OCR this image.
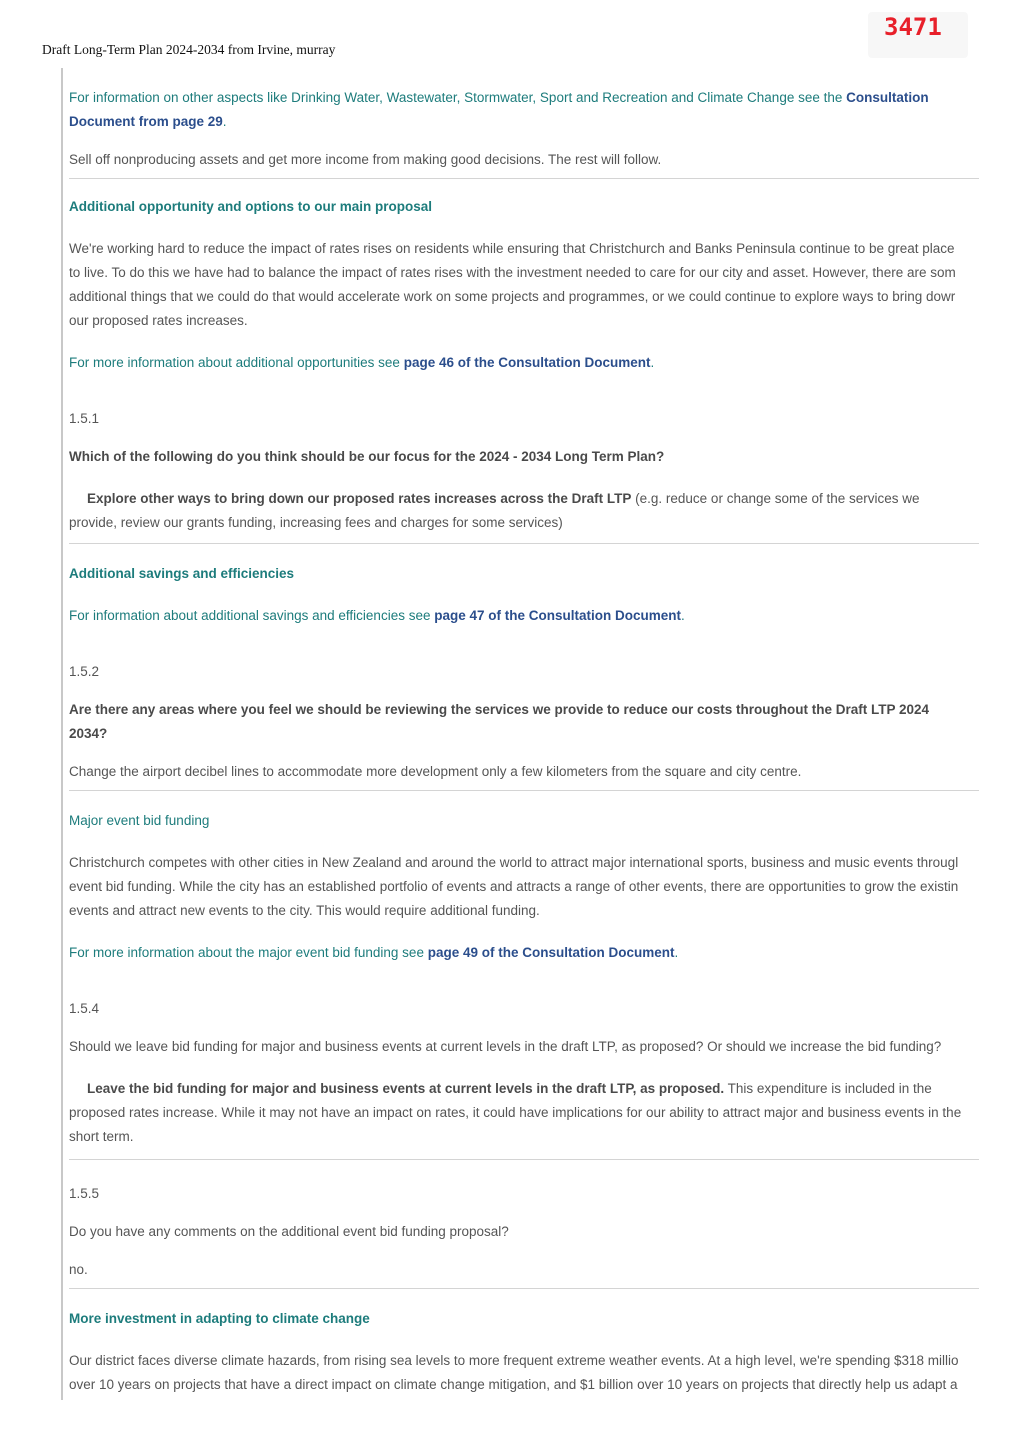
3471
Draft Long-Term Plan 2024-2034 from Irvine, murray

For information on other aspects like Drinking Water, Wastewater, Stormwater, Sport and Recreation and Climate Change see the Consultation Document from page 29.

Sell off nonproducing assets and get more income from making good decisions. The rest will follow.

Additional opportunity and options to our main proposal

We're working hard to reduce the impact of rates rises on residents while ensuring that Christchurch and Banks Peninsula continue to be great place

to live. To do this we have had to balance the impact of rates rises with the investment needed to care for our city and asset. However, there are som

additional things that we could do that would accelerate work on some projects and programmes, or we could continue to explore ways to bring dowr

our proposed rates increases.

For more information about additional opportunities see page 46 of the Consultation Document.

1.5.1

Which of the following do you think should be our focus for the 2024 - 2034 Long Term Plan?

Explore other ways to bring down our proposed rates increases across the Draft LTP (e.g. reduce or change some of the services we

provide, review our grants funding, increasing fees and charges for some services)

Additional savings and efficiencies

For information about additional savings and efficiencies see page 47 of the Consultation Document.

1.5.2

Are there any areas where you feel we should be reviewing the services we provide to reduce our costs throughout the Draft LTP 2024

2034?

Change the airport decibel lines to accommodate more development only a few kilometers from the square and city centre.

Major event bid funding

Christchurch competes with other cities in New Zealand and around the world to attract major international sports, business and music events througl

event bid funding. While the city has an established portfolio of events and attracts a range of other events, there are opportunities to grow the existin

events and attract new events to the city. This would require additional funding.

For more information about the major event bid funding see page 49 of the Consultation Document.

1.5.4

Should we leave bid funding for major and business events at current levels in the draft LTP, as proposed? Or should we increase the bid funding?

Leave the bid funding for major and business events at current levels in the draft LTP, as proposed. This expenditure is included in the

proposed rates increase. While it may not have an impact on rates, it could have implications for our ability to attract major and business events in the

short term.

1.5.5

Do you have any comments on the additional event bid funding proposal?

no.

More investment in adapting to climate change

Our district faces diverse climate hazards, from rising sea levels to more frequent extreme weather events. At a high level, we're spending $318 millio

over 10 years on projects that have a direct impact on climate change mitigation, and $1 billion over 10 years on projects that directly help us adapt a
